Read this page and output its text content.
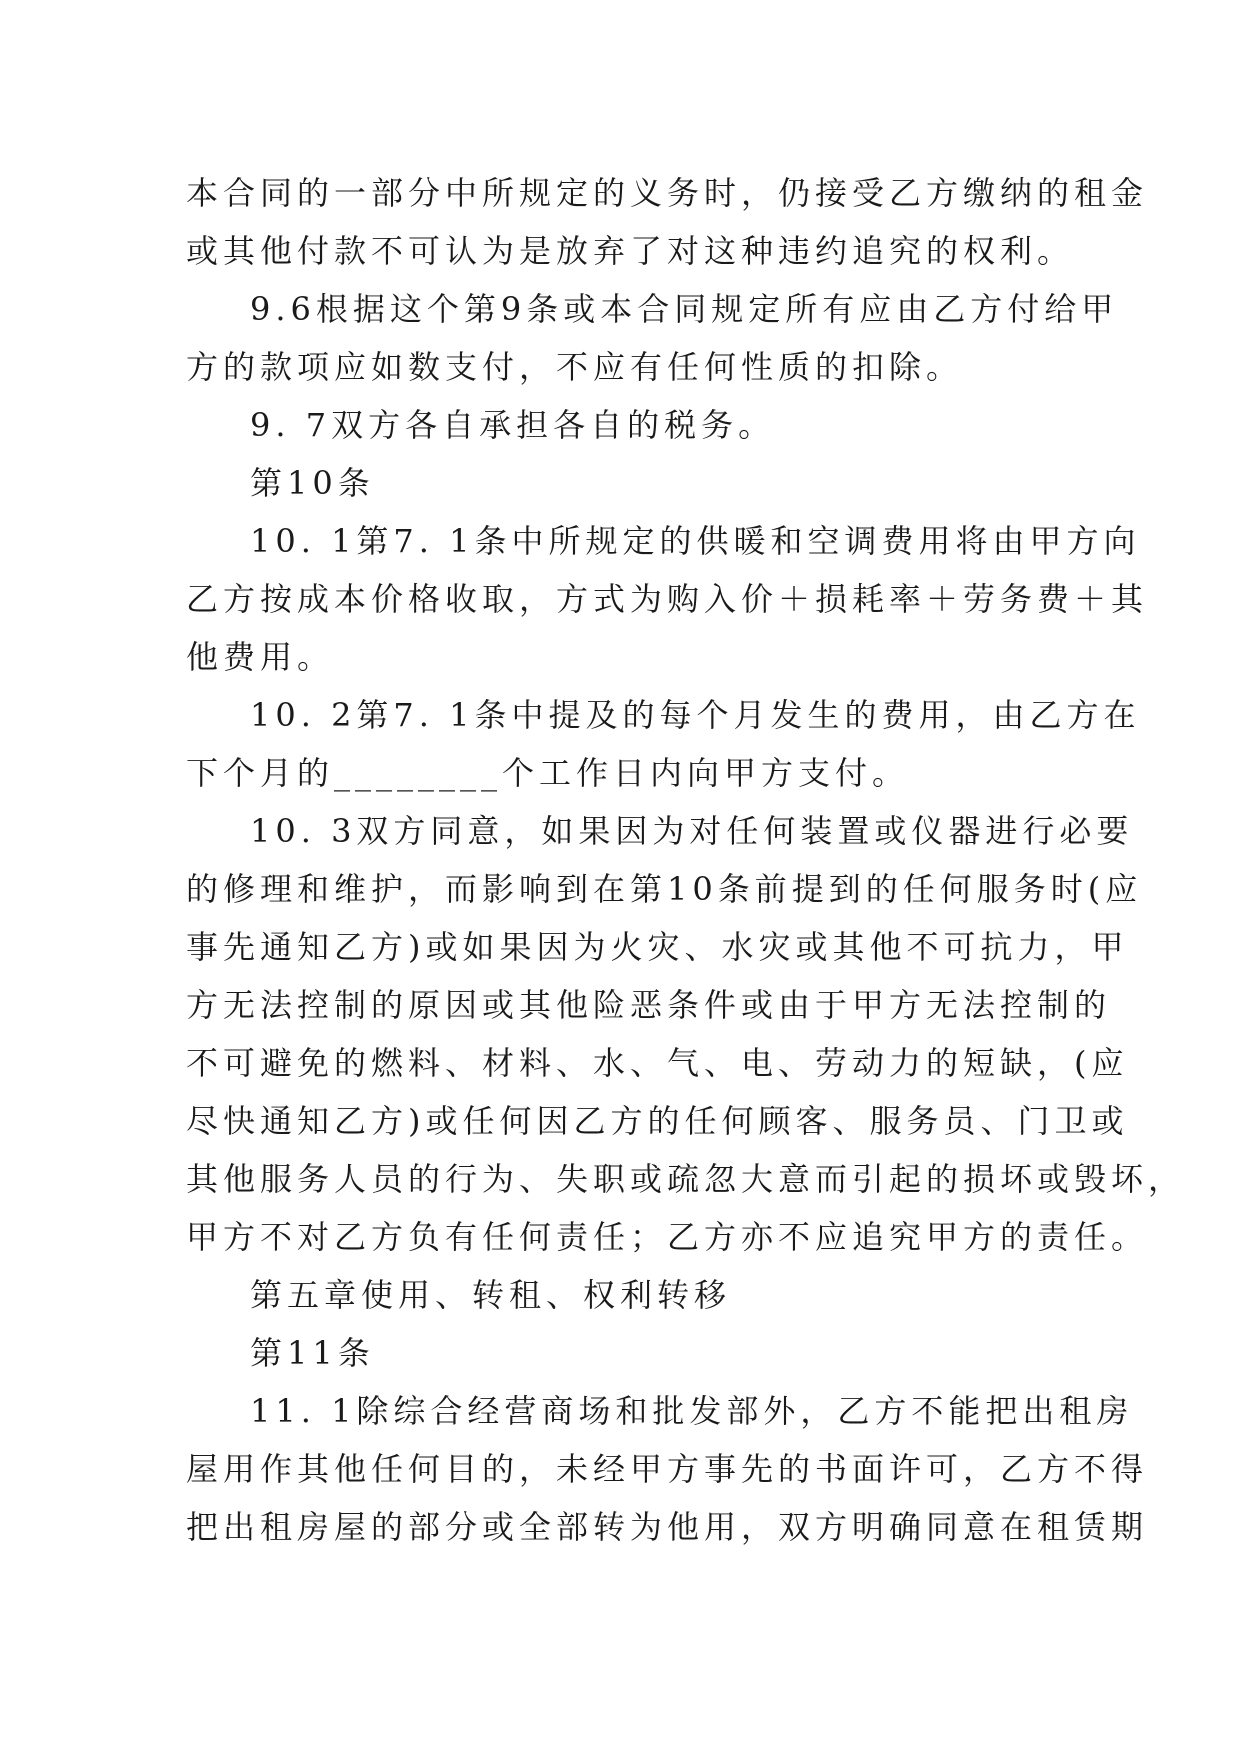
本合同的一部分中所规定的义务时，仍接受乙方缴纳的租金
或其他付款不可认为是放弃了对这种违约追究的权利。
9.6根据这个第9条或本合同规定所有应由乙方付给甲
方的款项应如数支付，不应有任何性质的扣除。
9. 7双方各自承担各自的税务。
第10条
10. 1第7. 1条中所规定的供暖和空调费用将由甲方向
乙方按成本价格收取，方式为购入价＋损耗率＋劳务费＋其
他费用。
10. 2第7. 1条中提及的每个月发生的费用，由乙方在
下个月的________个工作日内向甲方支付。
10. 3双方同意，如果因为对任何装置或仪器进行必要
的修理和维护，而影响到在第10条前提到的任何服务时(应
事先通知乙方)或如果因为火灾、水灾或其他不可抗力，甲
方无法控制的原因或其他险恶条件或由于甲方无法控制的
不可避免的燃料、材料、水、气、电、劳动力的短缺，(应
尽快通知乙方)或任何因乙方的任何顾客、服务员、门卫或
其他服务人员的行为、失职或疏忽大意而引起的损坏或毁坏，
甲方不对乙方负有任何责任；乙方亦不应追究甲方的责任。
第五章使用、转租、权利转移
第11条
11. 1除综合经营商场和批发部外，乙方不能把出租房
屋用作其他任何目的，未经甲方事先的书面许可，乙方不得
把出租房屋的部分或全部转为他用，双方明确同意在租赁期
